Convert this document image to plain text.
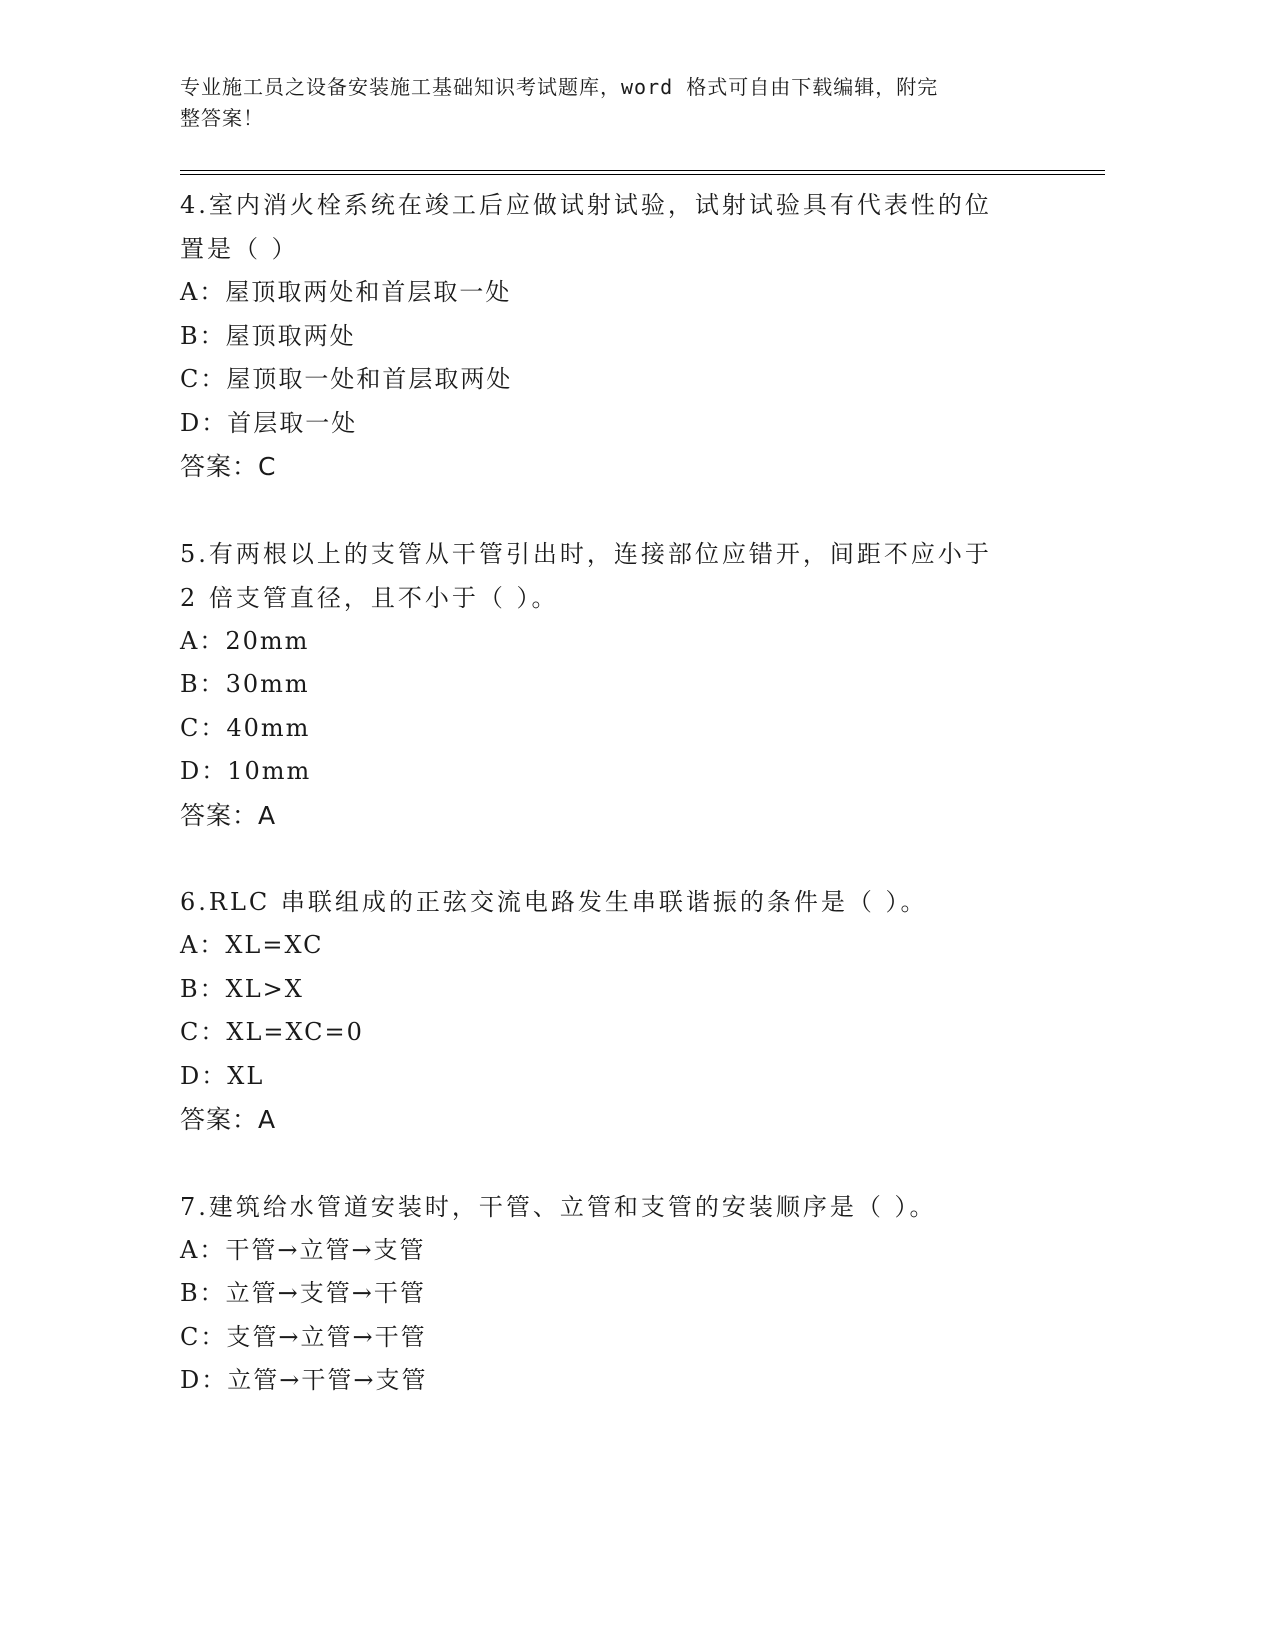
专业施工员之设备安装施工基础知识考试题库，word 格式可自由下载编辑，附完
整答案！

4.室内消火栓系统在竣工后应做试射试验，试射试验具有代表性的位

置是（ ）

A：屋顶取两处和首层取一处

B：屋顶取两处

C：屋顶取一处和首层取两处

D：首层取一处

答案：C

5.有两根以上的支管从干管引出时，连接部位应错开，间距不应小于

2 倍支管直径，且不小于（ ）。

A：20mm

B：30mm

C：40mm

D：10mm

答案：A

6.RLC 串联组成的正弦交流电路发生串联谐振的条件是（ ）。

A：XL=XC

B：XL>X

C：XL=XC=0

D：XL

答案：A

7.建筑给水管道安装时，干管、立管和支管的安装顺序是（ ）。

A：干管→立管→支管

B：立管→支管→干管

C：支管→立管→干管

D：立管→干管→支管
